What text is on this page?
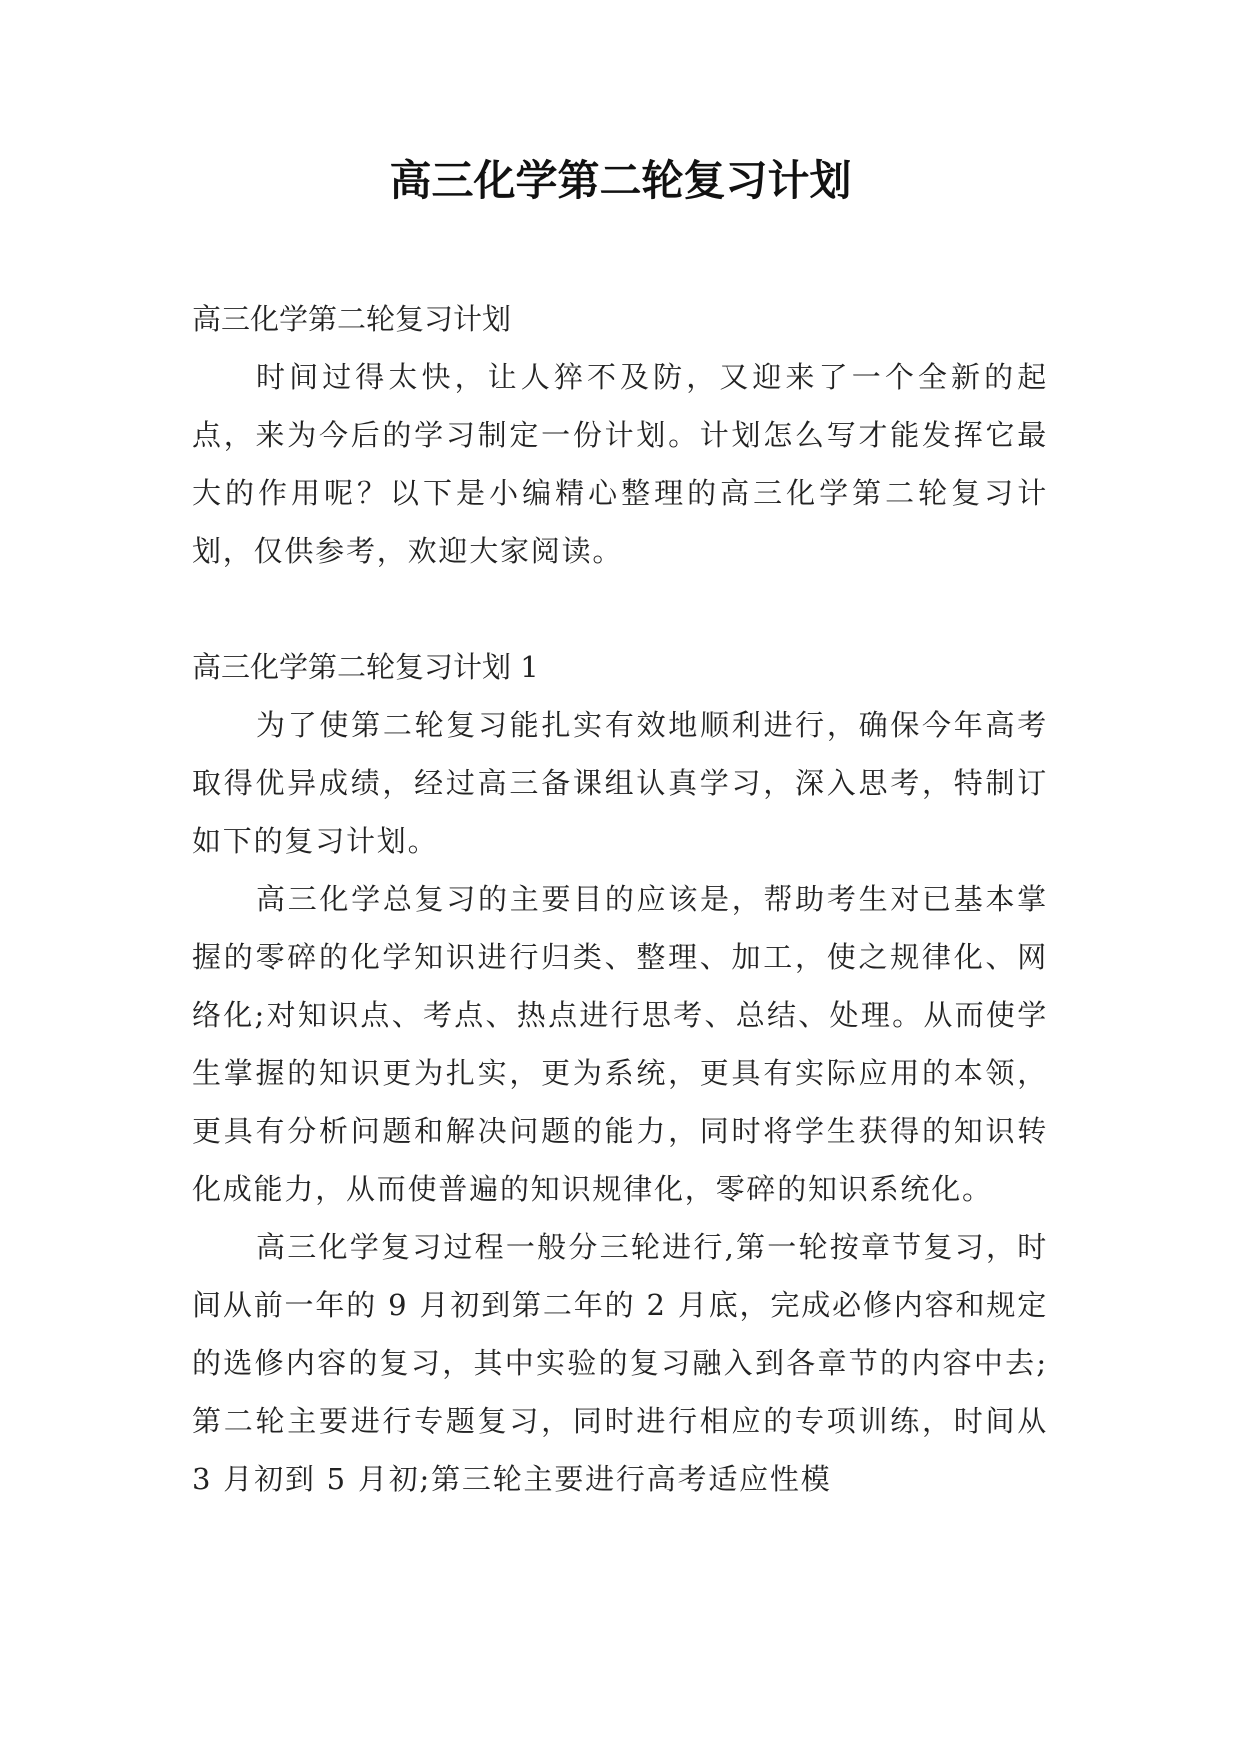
高三化学第二轮复习计划

高三化学第二轮复习计划

时间过得太快，让人猝不及防，又迎来了一个全新的起点，来为今后的学习制定一份计划。计划怎么写才能发挥它最大的作用呢？以下是小编精心整理的高三化学第二轮复习计划，仅供参考，欢迎大家阅读。

高三化学第二轮复习计划 1

为了使第二轮复习能扎实有效地顺利进行，确保今年高考取得优异成绩，经过高三备课组认真学习，深入思考，特制订如下的复习计划。

高三化学总复习的主要目的应该是，帮助考生对已基本掌握的零碎的化学知识进行归类、整理、加工，使之规律化、网络化;对知识点、考点、热点进行思考、总结、处理。从而使学生掌握的知识更为扎实，更为系统，更具有实际应用的本领，更具有分析问题和解决问题的能力，同时将学生获得的知识转化成能力，从而使普遍的知识规律化，零碎的知识系统化。

高三化学复习过程一般分三轮进行,第一轮按章节复习，时间从前一年的 9 月初到第二年的 2 月底，完成必修内容和规定的选修内容的复习，其中实验的复习融入到各章节的内容中去;第二轮主要进行专题复习，同时进行相应的专项训练，时间从 3 月初到 5 月初;第三轮主要进行高考适应性模
